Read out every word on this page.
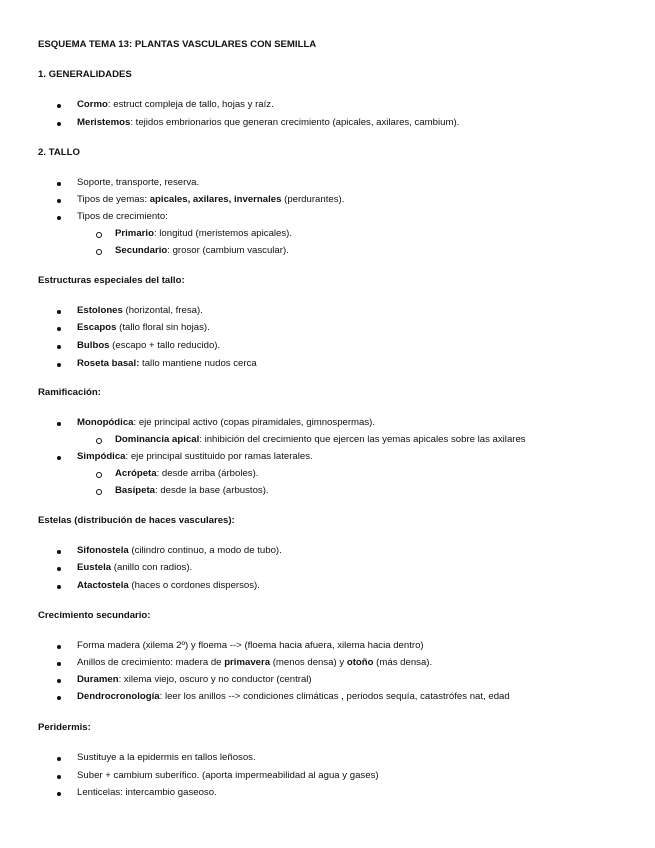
ESQUEMA TEMA 13: PLANTAS VASCULARES CON SEMILLA
1. GENERALIDADES
Cormo: estruct compleja de tallo, hojas y raíz.
Meristemos: tejidos embrionarios que generan crecimiento (apicales, axilares, cambium).
2. TALLO
Soporte, transporte, reserva.
Tipos de yemas: apicales, axilares, invernales (perdurantes).
Tipos de crecimiento:
Primario: longitud (meristemos apicales).
Secundario: grosor (cambium vascular).
Estructuras especiales del tallo:
Estolones (horizontal, fresa).
Escapos (tallo floral sin hojas).
Bulbos (escapo + tallo reducido).
Roseta basal: tallo mantiene nudos cerca
Ramificación:
Monopódica: eje principal activo (copas piramidales, gimnospermas).
Dominancia apical: inhibición del crecimiento que ejercen las yemas apicales sobre las axilares
Simpódica: eje principal sustituido por ramas laterales.
Acrópeta: desde arriba (árboles).
Basípeta: desde la base (arbustos).
Estelas (distribución de haces vasculares):
Sifonostela (cilindro continuo, a modo de tubo).
Eustela (anillo con radios).
Atactostela (haces o cordones dispersos).
Crecimiento secundario:
Forma madera (xilema 2º) y floema --> (floema hacia afuera, xilema hacia dentro)
Anillos de crecimiento: madera de primavera (menos densa) y otoño (más densa).
Duramen: xilema viejo, oscuro y no conductor (central)
Dendrocronología: leer los anillos --> condiciones climáticas , periodos sequía, catastrófes nat, edad
Peridermis:
Sustituye a la epidermis en tallos leñosos.
Suber + cambium suberífico. (aporta impermeabilidad al agua y gases)
Lenticelas: intercambio gaseoso.
